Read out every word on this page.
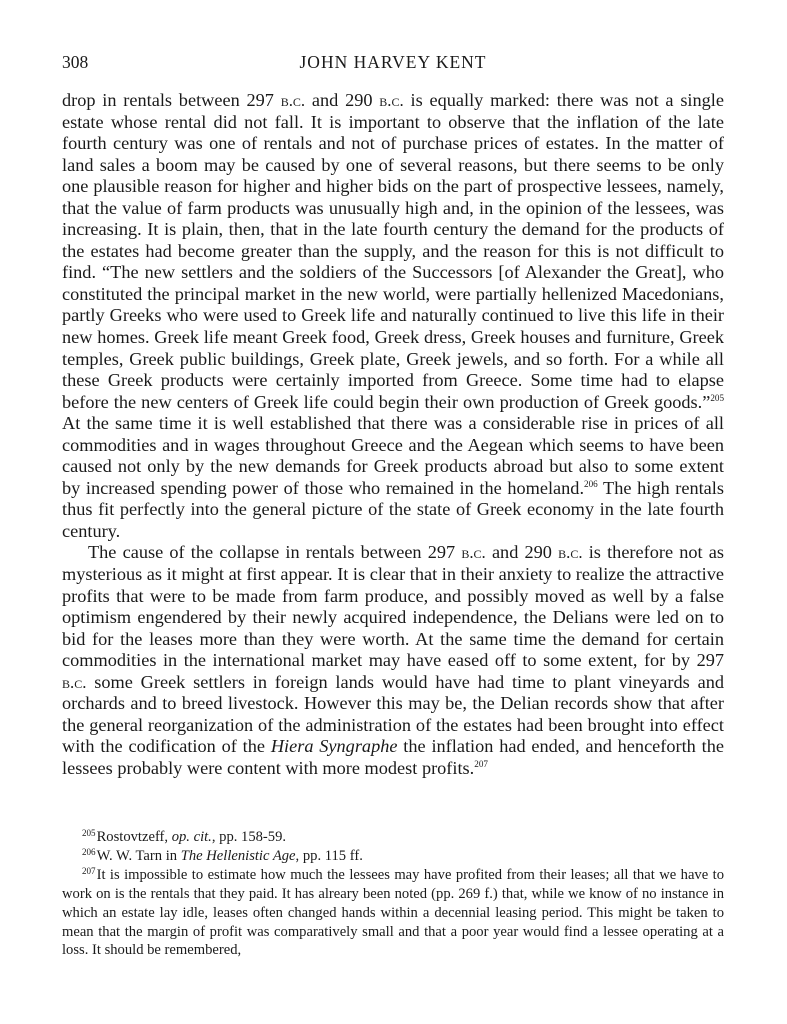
308	JOHN HARVEY KENT

drop in rentals between 297 b.c. and 290 b.c. is equally marked: there was not a single estate whose rental did not fall. It is important to observe that the inflation of the late fourth century was one of rentals and not of purchase prices of estates. In the matter of land sales a boom may be caused by one of several reasons, but there seems to be only one plausible reason for higher and higher bids on the part of prospective lessees, namely, that the value of farm products was unusually high and, in the opinion of the lessees, was increasing. It is plain, then, that in the late fourth century the demand for the products of the estates had become greater than the supply, and the reason for this is not difficult to find. “The new settlers and the soldiers of the Successors [of Alexander the Great], who constituted the principal market in the new world, were partially hellenized Macedonians, partly Greeks who were used to Greek life and naturally continued to live this life in their new homes. Greek life meant Greek food, Greek dress, Greek houses and furniture, Greek temples, Greek public buildings, Greek plate, Greek jewels, and so forth. For a while all these Greek products were certainly imported from Greece. Some time had to elapse before the new centers of Greek life could begin their own production of Greek goods.”$^{205}$ At the same time it is well established that there was a considerable rise in prices of all commodities and in wages throughout Greece and the Aegean which seems to have been caused not only by the new demands for Greek products abroad but also to some extent by increased spending power of those who remained in the homeland.$^{206}$ The high rentals thus fit perfectly into the general picture of the state of Greek economy in the late fourth century.

The cause of the collapse in rentals between 297 b.c. and 290 b.c. is therefore not as mysterious as it might at first appear. It is clear that in their anxiety to realize the attractive profits that were to be made from farm produce, and possibly moved as well by a false optimism engendered by their newly acquired independence, the Delians were led on to bid for the leases more than they were worth. At the same time the demand for certain commodities in the international market may have eased off to some extent, for by 297 b.c. some Greek settlers in foreign lands would have had time to plant vineyards and orchards and to breed livestock. However this may be, the Delian records show that after the general reorganization of the administration of the estates had been brought into effect with the codification of the Hiera Syngraphe the inflation had ended, and henceforth the lessees probably were content with more modest profits.$^{207}$

$^{205}$Rostovtzeff, op. cit., pp. 158-59.

$^{206}$W. W. Tarn in The Hellenistic Age, pp. 115 ff.

$^{207}$It is impossible to estimate how much the lessees may have profited from their leases; all that we have to work on is the rentals that they paid. It has alreary been noted (pp. 269 f.) that, while we know of no instance in which an estate lay idle, leases often changed hands within a decennial leasing period. This might be taken to mean that the margin of profit was comparatively small and that a poor year would find a lessee operating at a loss. It should be remembered,
